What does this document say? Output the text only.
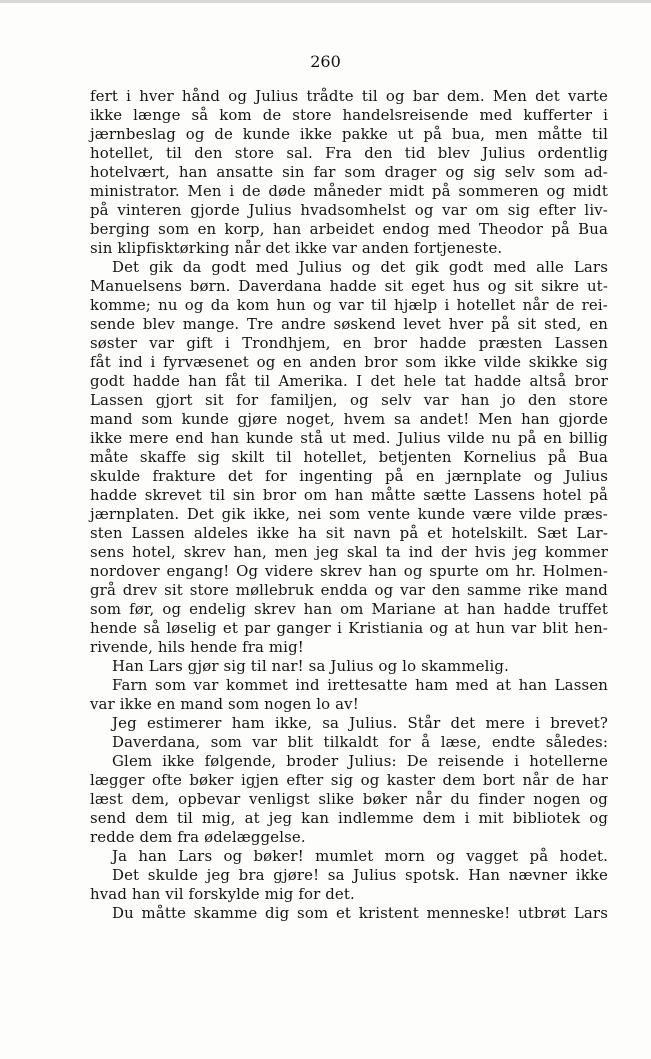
260
fert i hver hånd og Julius trådte til og bar dem. Men det varte
ikke længe så kom de store handelsreisende med kufferter i
jærnbeslag og de kunde ikke pakke ut på bua, men måtte til
hotellet, til den store sal. Fra den tid blev Julius ordentlig
hotelvært, han ansatte sin far som drager og sig selv som ad-
ministrator. Men i de døde måneder midt på sommeren og midt
på vinteren gjorde Julius hvadsomhelst og var om sig efter liv-
berging som en korp, han arbeidet endog med Theodor på Bua
sin klipfisktørking når det ikke var anden fortjeneste.
Det gik da godt med Julius og det gik godt med alle Lars
Manuelsens børn. Daverdana hadde sit eget hus og sit sikre ut-
komme; nu og da kom hun og var til hjælp i hotellet når de rei-
sende blev mange. Tre andre søskend levet hver på sit sted, en
søster var gift i Trondhjem, en bror hadde præsten Lassen
fåt ind i fyrvæsenet og en anden bror som ikke vilde skikke sig
godt hadde han fåt til Amerika. I det hele tat hadde altså bror
Lassen gjort sit for familjen, og selv var han jo den store
mand som kunde gjøre noget, hvem sa andet! Men han gjorde
ikke mere end han kunde stå ut med. Julius vilde nu på en billig
måte skaffe sig skilt til hotellet, betjenten Kornelius på Bua
skulde frakture det for ingenting på en jærnplate og Julius
hadde skrevet til sin bror om han måtte sætte Lassens hotel på
jærnplaten. Det gik ikke, nei som vente kunde være vilde præs-
sten Lassen aldeles ikke ha sit navn på et hotelskilt. Sæt Lar-
sens hotel, skrev han, men jeg skal ta ind der hvis jeg kommer
nordover engang! Og videre skrev han og spurte om hr. Holmen-
grå drev sit store møllebruk endda og var den samme rike mand
som før, og endelig skrev han om Mariane at han hadde truffet
hende så løselig et par ganger i Kristiania og at hun var blit hen-
rivende, hils hende fra mig!
Han Lars gjør sig til nar! sa Julius og lo skammelig.
Farn som var kommet ind irettesatte ham med at han Lassen
var ikke en mand som nogen lo av!
Jeg estimerer ham ikke, sa Julius. Står det mere i brevet?
Daverdana, som var blit tilkaldt for å læse, endte således:
Glem ikke følgende, broder Julius: De reisende i hotellerne
lægger ofte bøker igjen efter sig og kaster dem bort når de har
læst dem, opbevar venligst slike bøker når du finder nogen og
send dem til mig, at jeg kan indlemme dem i mit bibliotek og
redde dem fra ødelæggelse.
Ja han Lars og bøker! mumlet morn og vagget på hodet.
Det skulde jeg bra gjøre! sa Julius spotsk. Han nævner ikke
hvad han vil forskylde mig for det.
Du måtte skamme dig som et kristent menneske! utbrøt Lars
